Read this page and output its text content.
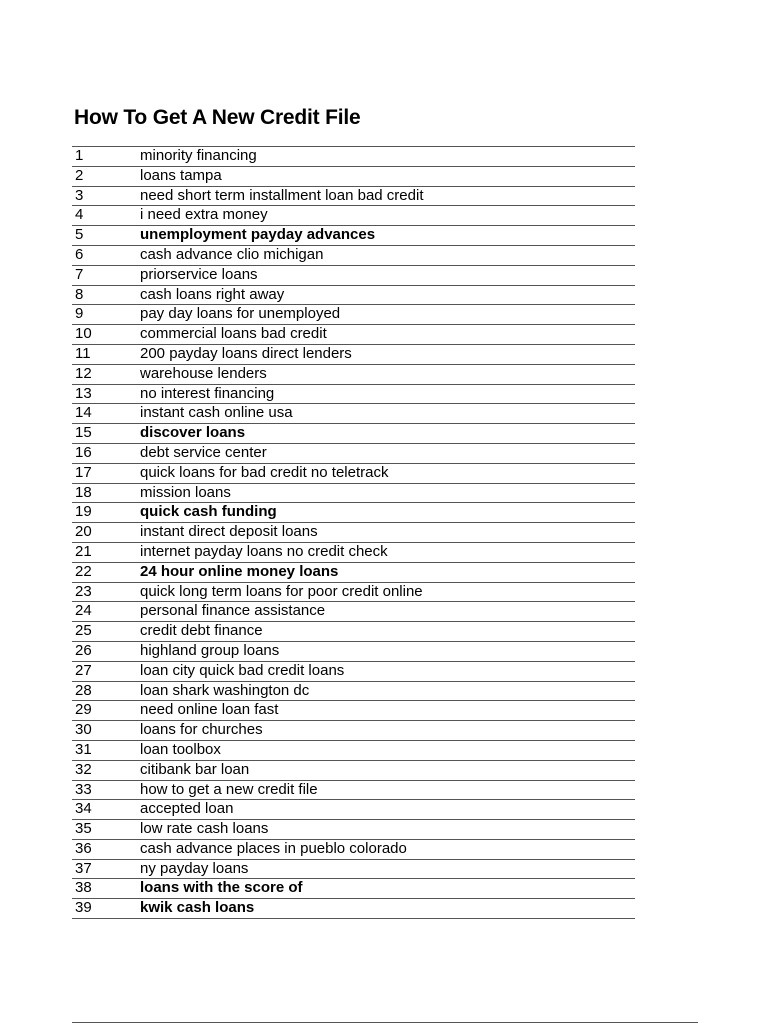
How To Get A New Credit File
1	minority financing
2	loans tampa
3	need short term installment loan bad credit
4	i need extra money
5	unemployment payday advances
6	cash advance clio michigan
7	priorservice loans
8	cash loans right away
9	pay day loans for unemployed
10	commercial loans bad credit
11	200 payday loans direct lenders
12	warehouse lenders
13	no interest financing
14	instant cash online usa
15	discover loans
16	debt service center
17	quick loans for bad credit no teletrack
18	mission loans
19	quick cash funding
20	instant direct deposit loans
21	internet payday loans no credit check
22	24 hour online money loans
23	quick long term loans for poor credit online
24	personal finance assistance
25	credit debt finance
26	highland group loans
27	loan city quick bad credit loans
28	loan shark washington dc
29	need online loan fast
30	loans for churches
31	loan toolbox
32	citibank bar loan
33	how to get a new credit file
34	accepted loan
35	low rate cash loans
36	cash advance places in pueblo colorado
37	ny payday loans
38	loans with the score of
39	kwik cash loans
